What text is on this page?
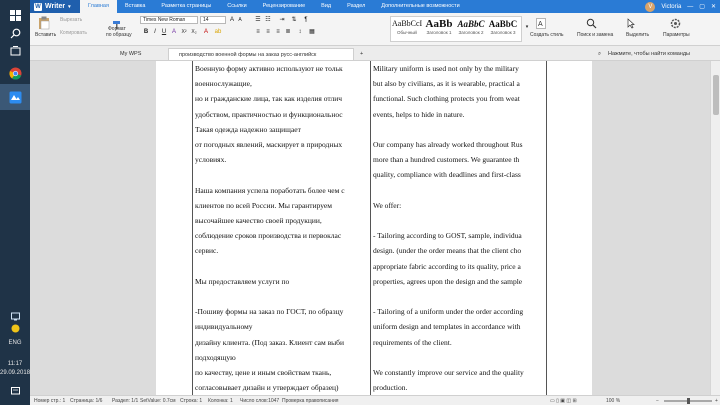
ENG
11:17
29.09.2018
W Writer ▾	Главная	Вставка	Разметка страницы	Ссылки	Рецензирование	Вид	Раздел	Дополнительные возможности	V	Victoria — ▢ ✕
Вставить
Вырезать
Копировать
Формат
по образцу
Times New Roman	14	A A
B I	U A	X² X₂	A	ab
☰ ☷ ⇥ ⇅	¶
≡	≡	≡ ≣	↕	▦
AaBbCcI
Обычный
AaBb
Заголовок 1
AaBbC
Заголовок 2
AaBbC
Заголовок 3
▾	A
Создать стиль	Поиск и замена	Выделить	Параметры
My WPS	производство военной формы на заказ русс-английск	+	Нажмите, чтобы найти команды
⌕
Военную форму активно используют не тольк
военнослужащие,
но и гражданские лица, так как изделия отлич
удобством, практичностью и функциональнос
Такая одежда надежно защищает
от погодных явлений, маскирует в природных
условиях.
Наша компания успела поработать более чем с
клиентов по всей России. Мы гарантируем
высочайшее качество своей продукции,
соблюдение сроков производства и первоклас
сервис.
Мы предоставляем услуги по
-Пошиву формы на заказ по ГОСТ, по образцу
индивидуальному
дизайну клиента. (Под заказ. Клиент сам выби
подходящую
по качеству, цене и иным свойствам ткань,
согласовывает дизайн и утверждает образец)
Military uniform is used not only by the military
but also by civilians, as it is wearable, practical a
functional. Such clothing protects you from weat
events, helps to hide in nature.
Our company has already worked throughout Rus
more than a hundred customers. We guarantee th
quality, compliance with deadlines and first-class
We offer:
- Tailoring according to GOST, sample, individua
design. (under the order means that the client cho
appropriate fabric according to its quality, price a
properties, agrees upon the design and the sample
- Tailoring of a uniform under the order according
uniform design and templates in accordance with
requirements of the client.
We constantly improve our service and the quality
production.
Номер стр.: 1 Страница: 1/6 Раздел: 1/1 SetValue: 0.7см Строка: 1 Колонка: 1 Число слов:1047 Проверка правописания	▭ ▯ ▣ ◫ ⊞	100 %	−	+
